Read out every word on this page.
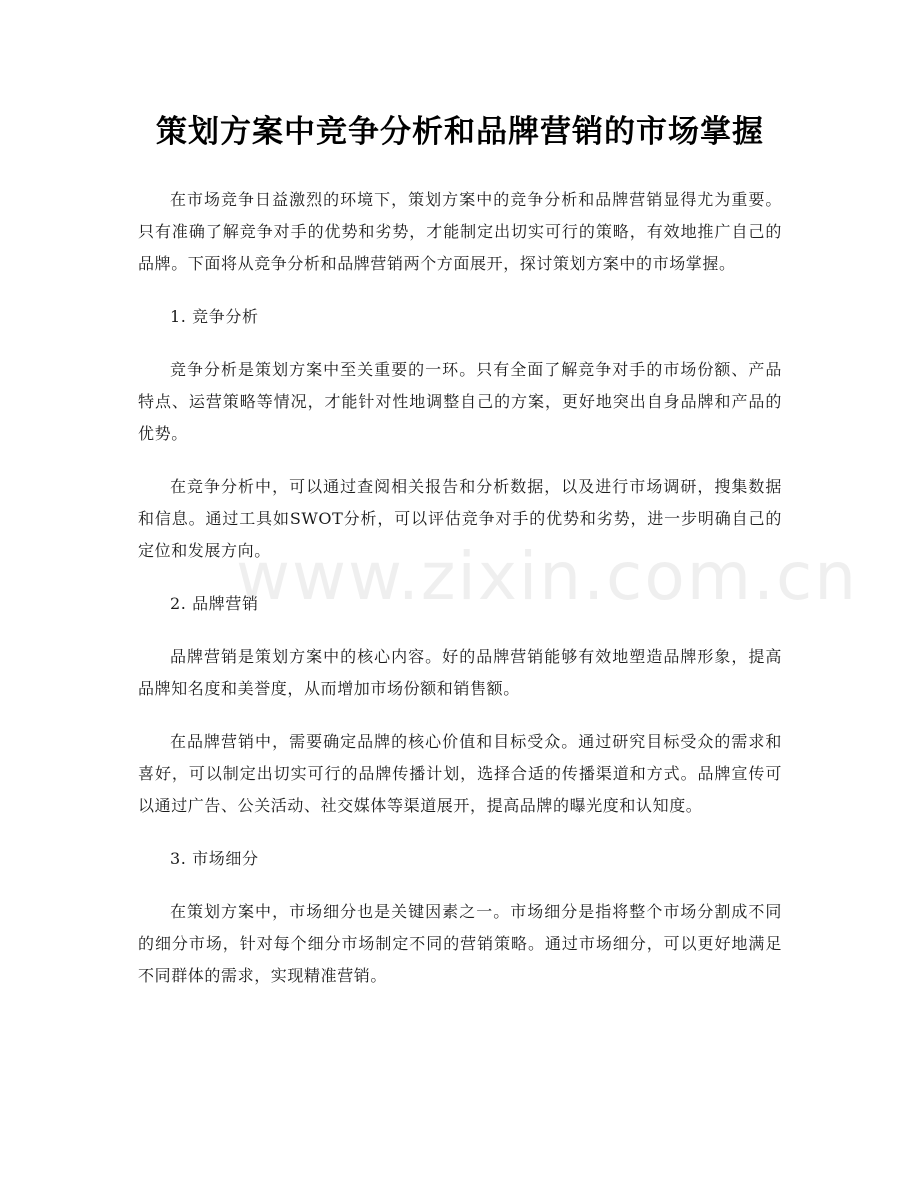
策划方案中竞争分析和品牌营销的市场掌握
www.zixin.com.cn

在市场竞争日益激烈的环境下，策划方案中的竞争分析和品牌营销显得尤为重要。只有准确了解竞争对手的优势和劣势，才能制定出切实可行的策略，有效地推广自己的品牌。下面将从竞争分析和品牌营销两个方面展开，探讨策划方案中的市场掌握。

1. 竞争分析

竞争分析是策划方案中至关重要的一环。只有全面了解竞争对手的市场份额、产品特点、运营策略等情况，才能针对性地调整自己的方案，更好地突出自身品牌和产品的优势。

在竞争分析中，可以通过查阅相关报告和分析数据，以及进行市场调研，搜集数据和信息。通过工具如SWOT分析，可以评估竞争对手的优势和劣势，进一步明确自己的定位和发展方向。

2. 品牌营销

品牌营销是策划方案中的核心内容。好的品牌营销能够有效地塑造品牌形象，提高品牌知名度和美誉度，从而增加市场份额和销售额。

在品牌营销中，需要确定品牌的核心价值和目标受众。通过研究目标受众的需求和喜好，可以制定出切实可行的品牌传播计划，选择合适的传播渠道和方式。品牌宣传可以通过广告、公关活动、社交媒体等渠道展开，提高品牌的曝光度和认知度。

3. 市场细分

在策划方案中，市场细分也是关键因素之一。市场细分是指将整个市场分割成不同的细分市场，针对每个细分市场制定不同的营销策略。通过市场细分，可以更好地满足不同群体的需求，实现精准营销。
